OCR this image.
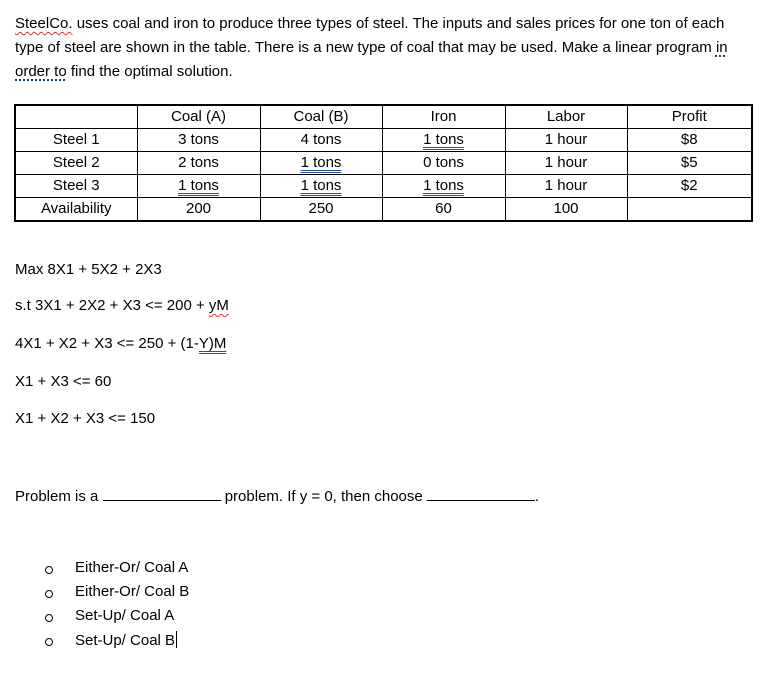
SteelCo. uses coal and iron to produce three types of steel. The inputs and sales prices for one ton of each type of steel are shown in the table. There is a new type of coal that may be used. Make a linear program in order to find the optimal solution.
	Coal (A)	Coal (B)	Iron	Labor	Profit
Steel 1	3 tons	4 tons	1 tons	1 hour	$8
Steel 2	2 tons	1 tons	0 tons	1 hour	$5
Steel 3	1 tons	1 tons	1 tons	1 hour	$2
Availability	200	250	60	100	
Max 8X1 + 5X2 + 2X3
s.t 3X1 + 2X2 + X3 <= 200 + yM
4X1 + X2 + X3 <= 250 + (1-Y)M
X1 + X3 <= 60
X1 + X2 + X3 <= 150
Problem is a	problem. If y = 0, then choose	.
Either-Or/ Coal A
Either-Or/ Coal B
Set-Up/ Coal A
Set-Up/ Coal B
